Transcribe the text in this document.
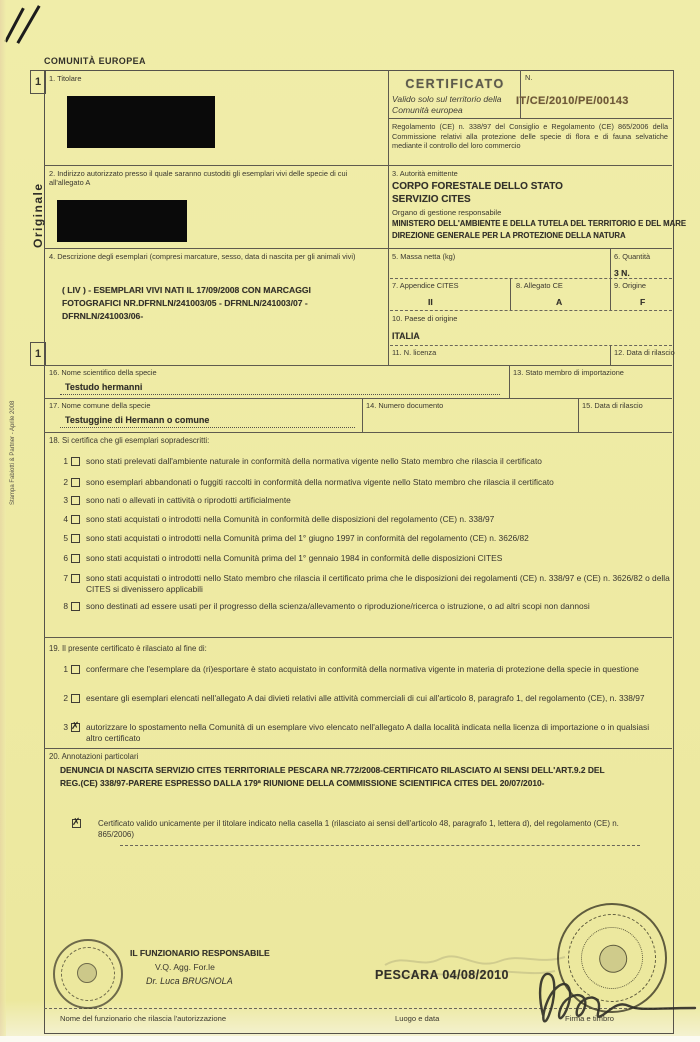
COMUNITÀ EUROPEA
1
1
Originale
Stampa Fabiotti & Partner - Aprile 2008
1. Titolare	CERTIFICATO
Valido solo sul territorio della Comunità europea
N.
IT/CE/2010/PE/00143
Regolamento (CE) n. 338/97 del Consiglio e Regolamento (CE) 865/2006 della Commissione relativi alla protezione delle specie di flora e di fauna selvatiche mediante il controllo del loro commercio
2. Indirizzo autorizzato presso il quale saranno custoditi gli esemplari vivi delle specie di cui all'allegato A
3. Autorità emittente
CORPO FORESTALE DELLO STATO
SERVIZIO CITES
Organo di gestione responsabile
MINISTERO DELL'AMBIENTE E DELLA TUTELA DEL TERRITORIO E DEL MARE
DIREZIONE GENERALE PER LA PROTEZIONE DELLA NATURA
4. Descrizione degli esemplari (compresi marcature, sesso, data di nascita per gli animali vivi)
( LIV ) - ESEMPLARI VIVI NATI IL 17/09/2008 CON MARCAGGI FOTOGRAFICI NR.DFRNLN/241003/05 - DFRNLN/241003/07 - DFRNLN/241003/06-
5. Massa netta (kg)	6. Quantità
3 N.
7. Appendice CITES
II
8. Allegato CE
A
9. Origine
F
10. Paese di origine
ITALIA
11. N. licenza	12. Data di rilascio
16. Nome scientifico della specie	13. Stato membro di importazione
Testudo hermanni
17. Nome comune della specie	14. Numero documento	15. Data di rilascio
Testuggine di Hermann o comune
18. Si certifica che gli esemplari sopradescritti:
1 sono stati prelevati dall'ambiente naturale in conformità della normativa vigente nello Stato membro che rilascia il certificato
2 sono esemplari abbandonati o fuggiti raccolti in conformità della normativa vigente nello Stato membro che rilascia il certificato
3 sono nati o allevati in cattività o riprodotti artificialmente
4 sono stati acquistati o introdotti nella Comunità in conformità delle disposizioni del regolamento (CE) n. 338/97
5 sono stati acquistati o introdotti nella Comunità prima del 1° giugno 1997 in conformità del regolamento (CE) n. 3626/82
6 sono stati acquistati o introdotti nella Comunità prima del 1° gennaio 1984 in conformità delle disposizioni CITES
7 sono stati acquistati o introdotti nello Stato membro che rilascia il certificato prima che le disposizioni dei regolamenti (CE) n. 338/97 e (CE) n. 3626/82 o della CITES si divenissero applicabili
8 sono destinati ad essere usati per il progresso della scienza/allevamento o riproduzione/ricerca o istruzione, o ad altri scopi non dannosi
19. Il presente certificato è rilasciato al fine di:
1 confermare che l'esemplare da (ri)esportare è stato acquistato in conformità della normativa vigente in materia di protezione della specie in questione
2 esentare gli esemplari elencati nell'allegato A dai divieti relativi alle attività commerciali di cui all'articolo 8, paragrafo 1, del regolamento (CE), n. 338/97
3 ✗ autorizzare lo spostamento nella Comunità di un esemplare vivo elencato nell'allegato A dalla località indicata nella licenza di importazione o in qualsiasi altro certificato
20. Annotazioni particolari
DENUNCIA DI NASCITA SERVIZIO CITES TERRITORIALE PESCARA NR.772/2008-CERTIFICATO RILASCIATO AI SENSI DELL'ART.9.2 DEL REG.(CE) 338/97-PARERE ESPRESSO DALLA 179ª RIUNIONE DELLA COMMISSIONE SCIENTIFICA CITES DEL 20/07/2010-
✗ Certificato valido unicamente per il titolare indicato nella casella 1 (rilasciato ai sensi dell'articolo 48, paragrafo 1, lettera d), del regolamento (CE) n. 865/2006)
IL FUNZIONARIO RESPONSABILE
V.Q. Agg. For.le
Dr. Luca BRUGNOLA	PESCARA 04/08/2010
Nome del funzionario che rilascia l'autorizzazione	Luogo e data	Firma e timbro
